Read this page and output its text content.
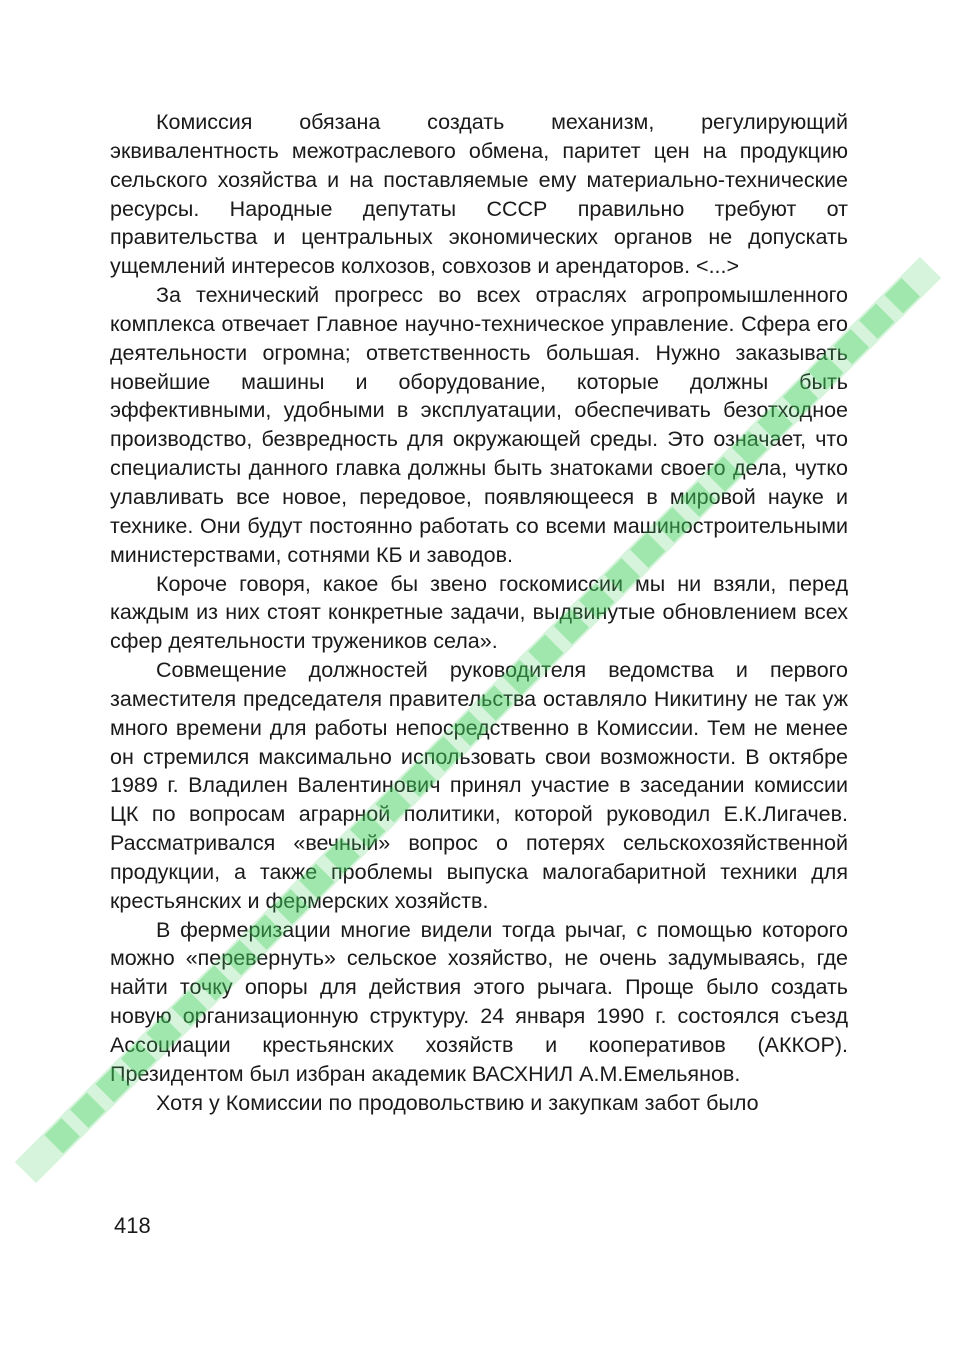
Комиссия обязана создать механизм, регулирующий эквивалентность межотраслевого обмена, паритет цен на продукцию сельского хозяйства и на поставляемые ему материально-технические ресурсы. Народные депутаты СССР правильно требуют от правительства и центральных экономических органов не допускать ущемлений интересов колхозов, совхозов и арендаторов. <...>

За технический прогресс во всех отраслях агропромышленного комплекса отвечает Главное научно-техническое управление. Сфера его деятельности огромна; ответственность большая. Нужно заказывать новейшие машины и оборудование, которые должны быть эффективными, удобными в эксплуатации, обеспечивать безотходное производство, безвредность для окружающей среды. Это означает, что специалисты данного главка должны быть знатоками своего дела, чутко улавливать все новое, передовое, появляющееся в мировой науке и технике. Они будут постоянно работать со всеми машиностроительными министерствами, сотнями КБ и заводов.

Короче говоря, какое бы звено госкомиссии мы ни взяли, перед каждым из них стоят конкретные задачи, выдвинутые обновлением всех сфер деятельности тружеников села».

Совмещение должностей руководителя ведомства и первого заместителя председателя правительства оставляло Никитину не так уж много времени для работы непосредственно в Комиссии. Тем не менее он стремился максимально использовать свои возможности. В октябре 1989 г. Владилен Валентинович принял участие в заседании комиссии ЦК по вопросам аграрной политики, которой руководил Е.К.Лигачев. Рассматривался «вечный» вопрос о потерях сельскохозяйственной продукции, а также проблемы выпуска малогабаритной техники для крестьянских и фермерских хозяйств.

В фермеризации многие видели тогда рычаг, с помощью которого можно «перевернуть» сельское хозяйство, не очень задумываясь, где найти точку опоры для действия этого рычага. Проще было создать новую организационную структуру. 24 января 1990 г. состоялся съезд Ассоциации крестьянских хозяйств и кооперативов (АККОР). Президентом был избран академик ВАСХНИЛ А.М.Емельянов.

Хотя у Комиссии по продовольствию и закупкам забот было

418
